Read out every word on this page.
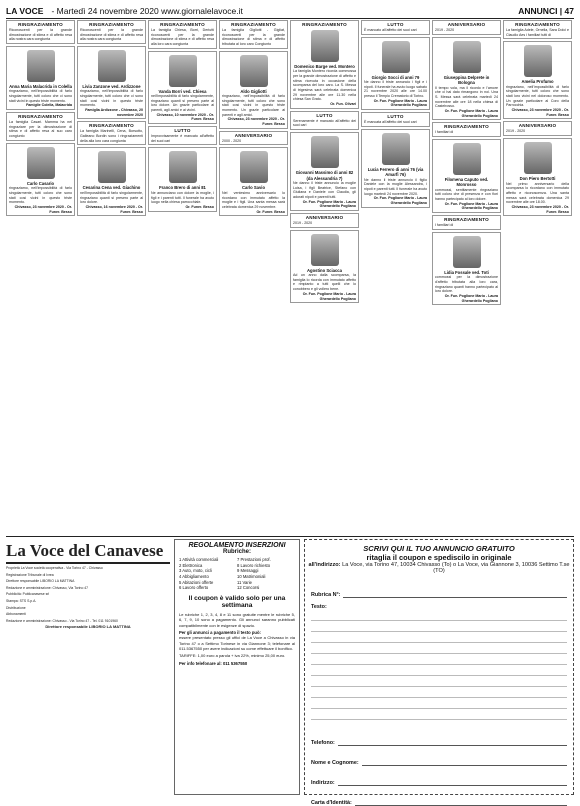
LA VOCE - Martedì 24 novembre 2020 www.giornalelavoce.it	ANNUNCI | 47
RINGRAZIAMENTO
Riconoscenti per la grande dimostrazione di stima e di affetto resa alla nostra cara congiunta
Anna Maria Malacrida in Colella
ringraziamo, nell'impossibilità di farlo singolarmente, tutti coloro che ci sono stati vicini in questo triste momento.
Famiglie Colella, Malacrida
RINGRAZIAMENTO
La famiglia Casari. Mamma ha nel ringraziare per la dimostrazione di stima e di affetto resa al suo caro congiunto
Carlo Casario
ringraziamo, nell'impossibilità di farlo singolarmente, tutti coloro che sono stati così vicini in questo triste momento.
Chivasso, 23 novembre 2020 - Or. Funer. Besso
RINGRAZIAMENTO
Riconoscenti per la grande dimostrazione di stima e di affetto resa alla nostra cara congiunta
Livia Zanzone ved. Ardizzone
ringraziamo, nell'impossibilità di farlo singolarmente, tutti coloro che ci sono stati così vicini in questo triste momento.
Famiglia Ardizzone - Chivasso, 20 novembre 2020
RINGRAZIAMENTO
La famiglia Marinelli, Cena, Borsotto, Galleano Bordin sono i ringraziamenti della alla loro cara congiunta
Cesarina Cena ved. Giachino
nell'impossibilità di farlo singolarmente, ringraziano quanti si presero parte al loro dolore.
Chivasso, 16 novembre 2020 - Or. Funer. Besso
RINGRAZIAMENTO
La famiglia Chiesa, Borri, Deriutti riconoscenti per la grande dimostrazione di stima e di affetto resa alla loro cara congiunta
Vanda Borri ved. Chiesa
nell'impossibilità di farlo singolarmente, ringraziano quanti si presero parte al loro dolore. Un grazie particolare ai parenti, agli amici e ai vicini.
Chivasso, 10 novembre 2020 - Or. Funer. Besso
LUTTO
Improvvisamente è mancato all'affetto dei suoi cari
Franco Brero di anni 81
Ne annunciano con dolore la moglie, i figli e i parenti tutti. Il funerale ha avuto luogo nella chiesa parrocchiale.
Or. Funer. Besso
RINGRAZIAMENTO
La famiglia Gigliotti - Gigliat, riconoscenti per la grande dimostrazione di stima e di affetto tributata al loro caro Congiunto
Aldo Gigliotti
ringraziano, nell'impossibilità di farlo singolarmente, tutti coloro che sono stati così vicini in questo triste momento. Un grazie particolare ai parenti e agli amici.
Chivasso, 23 novembre 2020 - Or. Funer. Besso
ANNIVERSARIO
2000 - 2020
Carlo Savio
Nel ventesimo anniversario lo ricordano con immutato affetto la moglie e i figli. Una santa messa sarà celebrata domenica 29 novembre.
Or. Funer. Besso
RINGRAZIAMENTO
Domenico Barge ved. Montero
La famiglia Montero ricorda commossa per la grande dimostrazione di affetto e stima ricevuta in occasione della scomparsa del loro caro. La S. Messa di trigesima sarà celebrata domenica 29 novembre alle ore 11.30 nella chiesa San Grato.
Or. Fun. Olivari
LUTTO
Serenamente è mancato all'affetto dei suoi cari
Giovanni Massimo di anni 82 (da Alessandria 7)
Ne danno il triste annuncio la moglie Luisa, i figli Beatrice, Stefano con Giuliana e Daniele con Claudia, gli adorati nipoti e parenti tutti.
Or. Fun. Poglione Mario - Laura Gherardello Pogliano
ANNIVERSARIO
2019 - 2020
Agostino Sciacca
Ad un anno dalla scomparsa, la famiglia lo ricorda con immutato affetto e rimpianto a tutti quelli che lo conobbero e gli vollero bene.
Or. Fun. Poglione Mario - Laura Gherardello Pogliano
LUTTO
È mancato all'affetto dei suoi cari
Giorgio Socci di anni 79
Ne danno il triste annuncio i figli e i nipoti. Il funerale ha avuto luogo sabato 21 novembre 2020 alle ore 14.00 presso il Tempio Crematorio di Torino.
Or. Fun. Poglione Mario - Laura Gherardello Pogliano
LUTTO
È mancata all'affetto dei suoi cari
Lucia Ferrero di anni 76 (via Amarfi 76)
Ne danno il triste annuncio il figlio Daniele con la moglie Alessandra, i nipoti e parenti tutti. Il funerale ha avuto luogo martedì 24 novembre 2020.
Or. Fun. Poglione Mario - Laura Gherardello Pogliano
ANNIVERSARIO
2019 - 2020
Giuseppina Delprete in Bologna
Il tempo vola, ma il ricordo e l'amore che ci hai dato rimangono in noi. Una S. Messa sarà celebrata martedì 24 novembre alle ore 18 nella chiesa di Castelrosso.
Or. Fun. Poglione Mario - Laura Gherardello Pogliano
RINGRAZIAMENTO
I familiari di
Filomena Caputo ved. Monrosso
commossi, sentitamente ringraziano tutti coloro che di presenza e con fiori hanno partecipato al loro dolore.
Or. Fun. Poglione Mario - Laura Gherardello Pogliano
RINGRAZIAMENTO
I familiari di
Lidia Fossale ved. Toti
commossi per la dimostrazione d'affetto tributata alla loro cara, ringraziano quanti hanno partecipato al loro dolore.
Or. Fun. Poglione Mario - Laura Gherardello Pogliano
RINGRAZIAMENTO
La famiglia Adele, Ornella, Sara Dolci e Claudio Aes i familiari tutti di
Amelia Profumo
ringraziano, nell'impossibilità di farlo singolarmente, tutti coloro che sono stati loro vicini nel doloroso momento. Un grazie particolare al Coro della Parrocchia.
Chivasso, 23 novembre 2020 - Or. Funer. Besso
ANNIVERSARIO
2019 - 2020
Don Piero Bertotti
Nel primo anniversario della scomparsa lo ricordano con immutato affetto e riconoscenza. Una santa messa sarà celebrata domenica 29 novembre alle ore 18.00.
Chivasso, 23 novembre 2020 - Or. Funer. Besso
La Voce del Canavese
Proprietà La Voce società cooperativa - Via Torino 47 - Chivasso
Registrazione Tribunale di Ivrea
Direttore responsabile LIBORIO LA MATTINA
Redazione e amministrazione: Chivasso, Via Torino 47
Pubblicità: Publicanavese srl
Stampa: STS S.p.A.
Distribuzione
Abbonamenti
Redazione e amministrazione: Chivasso - Via Torino 47 - Tel. 011 9101960
Direttore responsabile LIBORIO LA MATTINA
REGOLAMENTO INSERZIONI
Rubriche:
1 Attività commerciali
2 Elettronica
3 Auto, moto, cicli
4 Abbigliamento
5 Abitazioni offerte
6 Lavoro offerto
7 Prestazioni prof.
8 Lavoro richiesto
9 Messaggi
10 Matrimoniali
11 Varie
12 Concorsi
Il coupon è valido solo per una settimana
Le rubriche 1, 2, 3, 4, 8 e 11 sono gratuite mentre le rubriche 5, 6, 7, 9, 10 sono a pagamento. Gli annunci saranno pubblicati compatibilmente con le esigenze di spazio.
Per gli annunci a pagamento il testo può:
essere presentato presso gli uffici de La Voce a Chivasso in via Torino 47 o a Settimo Torinese in via Giannone 3; telefonare al 011.5367550 per avere indicazioni su come effettuare il bonifico.
TARIFFE: 1,00 euro a parola + iva 22%, minimo 25,00 euro.
Per info telefonare al: 011 5367550
SCRIVI QUI IL TUO ANNUNCIO GRATUITO
ritaglia il coupon e spediscilo in originale
all'indirizzo: La Voce, via Torino 47, 10034 Chivasso (To) o La Voce, via Giannone 3, 10036 Settimo T.se (TO)
Rubrica N°:
Testo:
Telefono:
Nome e Cognome:
Indirizzo:
Carta d'Identità:
